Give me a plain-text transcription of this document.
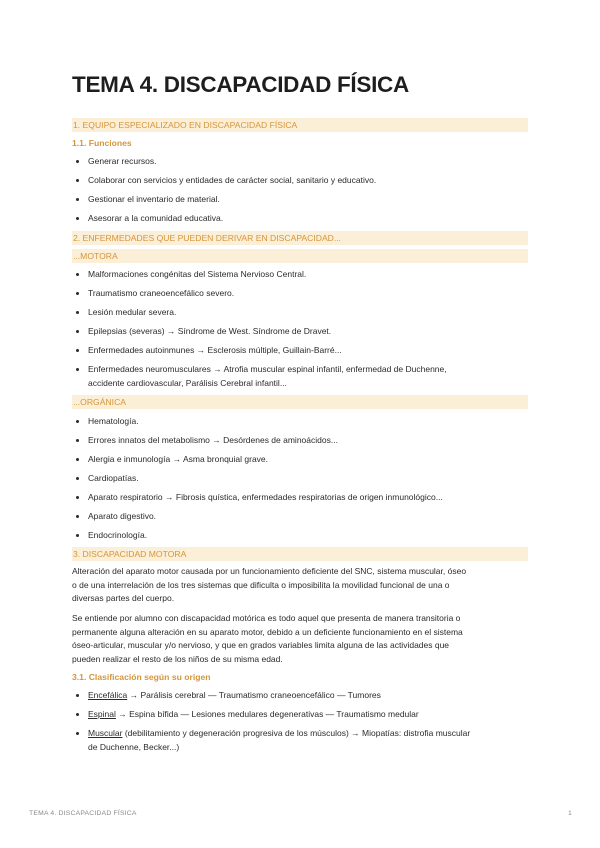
TEMA 4. DISCAPACIDAD FÍSICA
1. EQUIPO ESPECIALIZADO EN DISCAPACIDAD FÍSICA
1.1. Funciones
Generar recursos.
Colaborar con servicios y entidades de carácter social, sanitario y educativo.
Gestionar el inventario de material.
Asesorar a la comunidad educativa.
2. ENFERMEDADES QUE PUEDEN DERIVAR EN DISCAPACIDAD...
...MOTORA
Malformaciones congénitas del Sistema Nervioso Central.
Traumatismo craneoencefálico severo.
Lesión medular severa.
Epilepsias (severas) → Síndrome de West. Síndrome de Dravet.
Enfermedades autoinmunes → Esclerosis múltiple, Guillain-Barré...
Enfermedades neuromusculares → Atrofia muscular espinal infantil, enfermedad de Duchenne,
accidente cardiovascular, Parálisis Cerebral infantil...
...ORGÁNICA
Hematología.
Errores innatos del metabolismo → Desórdenes de aminoácidos...
Alergia e inmunología → Asma bronquial grave.
Cardiopatías.
Aparato respiratorio → Fibrosis quística, enfermedades respiratorias de origen inmunológico...
Aparato digestivo.
Endocrinología.
3. DISCAPACIDAD MOTORA
Alteración del aparato motor causada por un funcionamiento deficiente del SNC, sistema muscular, óseo
o de una interrelación de los tres sistemas que dificulta o imposibilita la movilidad funcional de una o
diversas partes del cuerpo.
Se entiende por alumno con discapacidad motórica es todo aquel que presenta de manera transitoria o
permanente alguna alteración en su aparato motor, debido a un deficiente funcionamiento en el sistema
óseo-articular, muscular y/o nervioso, y que en grados variables limita alguna de las actividades que
pueden realizar el resto de los niños de su misma edad.
3.1. Clasificación según su origen
Encefálica → Parálisis cerebral — Traumatismo craneoencefálico — Tumores
Espinal → Espina bífida — Lesiones medulares degenerativas — Traumatismo medular
Muscular (debilitamiento y degeneración progresiva de los músculos) → Miopatías: distrofia muscular
de Duchenne, Becker...)
TEMA 4. DISCAPACIDAD FÍSICA	1
